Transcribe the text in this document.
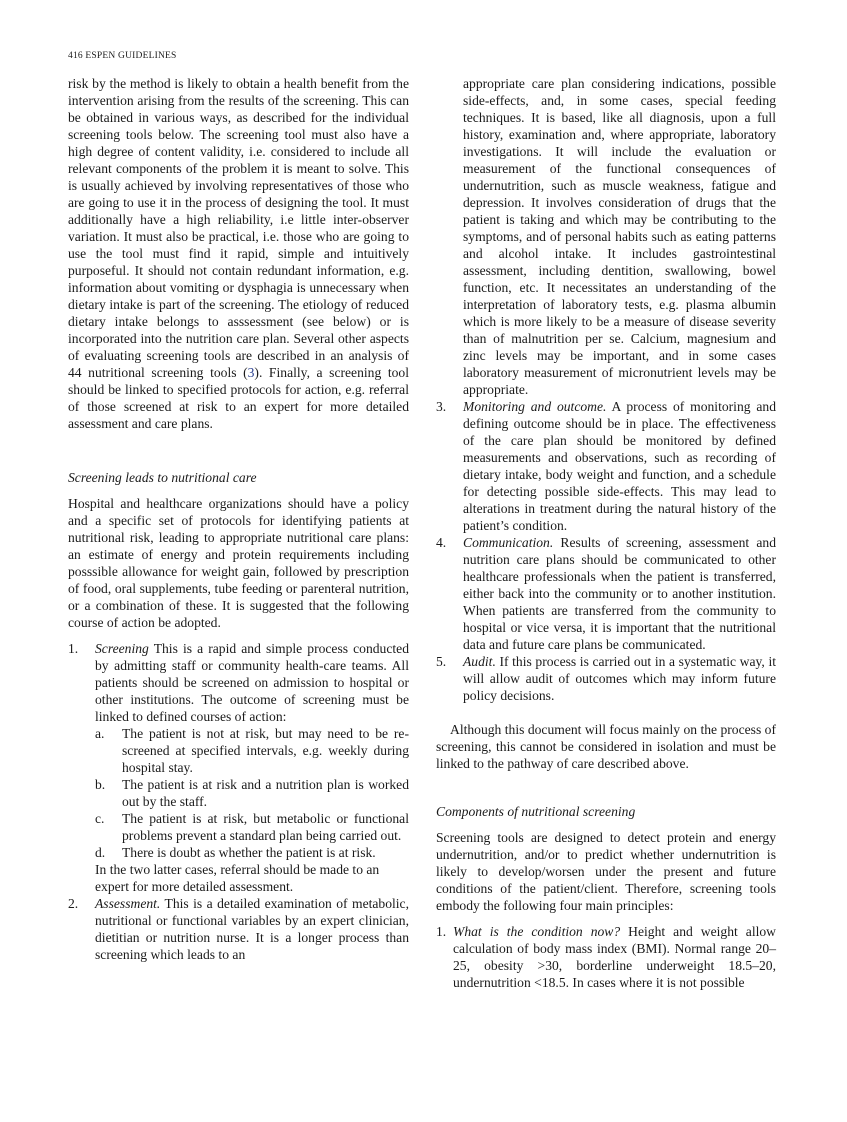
416 ESPEN GUIDELINES

risk by the method is likely to obtain a health benefit from the intervention arising from the results of the screening. This can be obtained in various ways, as described for the individual screening tools below. The screening tool must also have a high degree of content validity, i.e. considered to include all relevant components of the problem it is meant to solve. This is usually achieved by involving representatives of those who are going to use it in the process of designing the tool. It must additionally have a high reliability, i.e little inter-observer variation. It must also be practical, i.e. those who are going to use the tool must find it rapid, simple and intuitively purposeful. It should not contain redundant information, e.g. information about vomiting or dysphagia is unnecessary when dietary intake is part of the screening. The etiology of reduced dietary intake belongs to asssessment (see below) or is incorporated into the nutrition care plan. Several other aspects of evaluating screening tools are described in an analysis of 44 nutritional screening tools (3). Finally, a screening tool should be linked to specified protocols for action, e.g. referral of those screened at risk to an expert for more detailed assessment and care plans.

Screening leads to nutritional care

Hospital and healthcare organizations should have a policy and a specific set of protocols for identifying patients at nutritional risk, leading to appropriate nutritional care plans: an estimate of energy and protein requirements including posssible allowance for weight gain, followed by prescription of food, oral supplements, tube feeding or parenteral nutrition, or a combination of these. It is suggested that the following course of action be adopted.

1.	Screening This is a rapid and simple process conducted by admitting staff or community health-care teams. All patients should be screened on admission to hospital or other institutions. The outcome of screening must be linked to defined courses of action:
a.	The patient is not at risk, but may need to be re-screened at specified intervals, e.g. weekly during hospital stay.
b.	The patient is at risk and a nutrition plan is worked out by the staff.
c.	The patient is at risk, but metabolic or functional problems prevent a standard plan being carried out.
d.	There is doubt as whether the patient is at risk.

In the two latter cases, referral should be made to an expert for more detailed assessment.

2.	Assessment. This is a detailed examination of metabolic, nutritional or functional variables by an expert clinician, dietitian or nutrition nurse. It is a longer process than screening which leads to an

appropriate care plan considering indications, possible side-effects, and, in some cases, special feeding techniques. It is based, like all diagnosis, upon a full history, examination and, where appropriate, laboratory investigations. It will include the evaluation or measurement of the functional consequences of undernutrition, such as muscle weakness, fatigue and depression. It involves consideration of drugs that the patient is taking and which may be contributing to the symptoms, and of personal habits such as eating patterns and alcohol intake. It includes gastrointestinal assessment, including dentition, swallowing, bowel function, etc. It necessitates an understanding of the interpretation of laboratory tests, e.g. plasma albumin which is more likely to be a measure of disease severity than of malnutrition per se. Calcium, magnesium and zinc levels may be important, and in some cases laboratory measurement of micronutrient levels may be appropriate.

3.	Monitoring and outcome. A process of monitoring and defining outcome should be in place. The effectiveness of the care plan should be monitored by defined measurements and observations, such as recording of dietary intake, body weight and function, and a schedule for detecting possible side-effects. This may lead to alterations in treatment during the natural history of the patient’s condition.
4.	Communication. Results of screening, assessment and nutrition care plans should be communicated to other healthcare professionals when the patient is transferred, either back into the community or to another institution. When patients are transferred from the community to hospital or vice versa, it is important that the nutritional data and future care plans be communicated.
5.	Audit. If this process is carried out in a systematic way, it will allow audit of outcomes which may inform future policy decisions.

Although this document will focus mainly on the process of screening, this cannot be considered in isolation and must be linked to the pathway of care described above.

Components of nutritional screening

Screening tools are designed to detect protein and energy undernutrition, and/or to predict whether undernutrition is likely to develop/worsen under the present and future conditions of the patient/client. Therefore, screening tools embody the following four main principles:

1. What is the condition now? Height and weight allow calculation of body mass index (BMI). Normal range 20–25, obesity >30, borderline underweight 18.5–20, undernutrition <18.5. In cases where it is not possible
